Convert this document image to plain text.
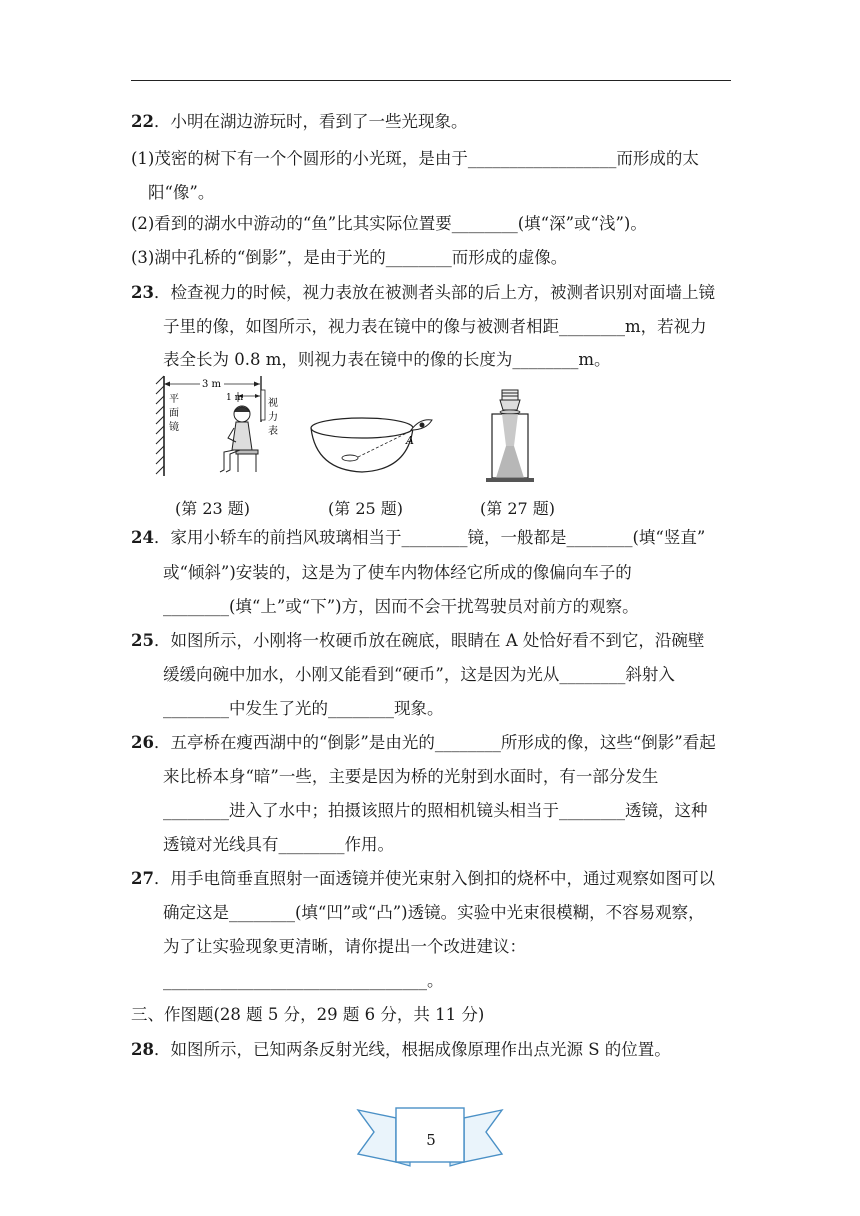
22．小明在湖边游玩时，看到了一些光现象。
(1)茂密的树下有一个个圆形的小光斑，是由于__________________而形成的太
阳“像”。
(2)看到的湖水中游动的“鱼”比其实际位置要________(填“深”或“浅”)。
(3)湖中孔桥的“倒影”，是由于光的________而形成的虚像。
23．检查视力的时候，视力表放在被测者头部的后上方，被测者识别对面墙上镜
子里的像，如图所示，视力表在镜中的像与被测者相距________m，若视力
表全长为 0.8 m，则视力表在镜中的像的长度为________m。
平
面
镜
3 m
1 m 视
力
表
A
(第 23 题)	(第 25 题)	(第 27 题)
24．家用小轿车的前挡风玻璃相当于________镜，一般都是________(填“竖直”
或“倾斜”)安装的，这是为了使车内物体经它所成的像偏向车子的
________(填“上”或“下”)方，因而不会干扰驾驶员对前方的观察。
25．如图所示，小刚将一枚硬币放在碗底，眼睛在 A 处恰好看不到它，沿碗壁
缓缓向碗中加水，小刚又能看到“硬币”，这是因为光从________斜射入
________中发生了光的________现象。
26．五亭桥在瘦西湖中的“倒影”是由光的________所形成的像，这些“倒影”看起
来比桥本身“暗”一些，主要是因为桥的光射到水面时，有一部分发生
________进入了水中；拍摄该照片的照相机镜头相当于________透镜，这种
透镜对光线具有________作用。
27．用手电筒垂直照射一面透镜并使光束射入倒扣的烧杯中，通过观察如图可以
确定这是________(填“凹”或“凸”)透镜。实验中光束很模糊，不容易观察，
为了让实验现象更清晰，请你提出一个改进建议：
________________________________。
三、作图题(28 题 5 分，29 题 6 分，共 11 分)
28．如图所示，已知两条反射光线，根据成像原理作出点光源 S 的位置。
5
